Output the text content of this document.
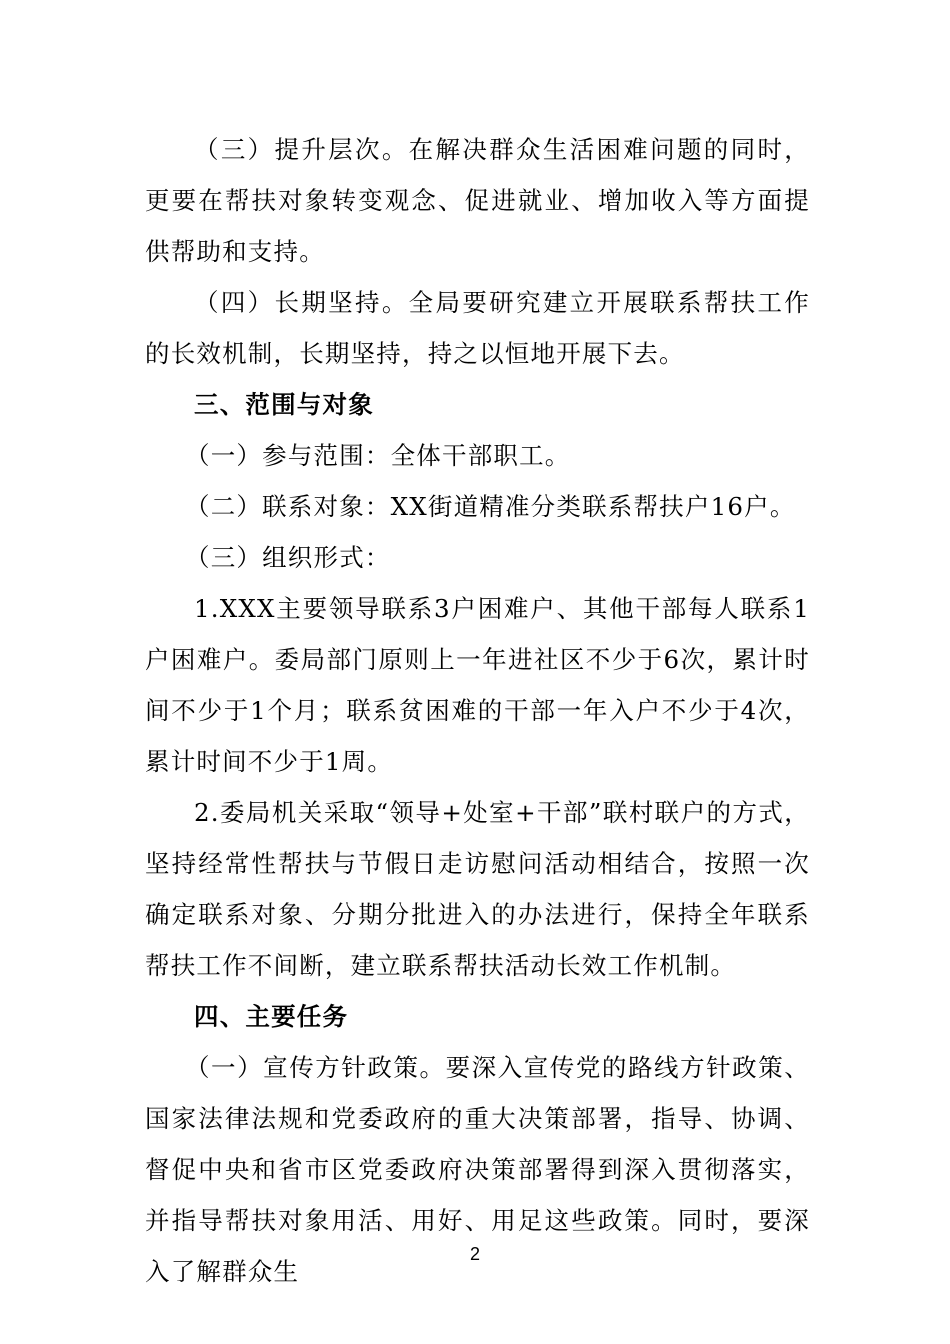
（三）提升层次。在解决群众生活困难问题的同时，更要在帮扶对象转变观念、促进就业、增加收入等方面提供帮助和支持。

（四）长期坚持。全局要研究建立开展联系帮扶工作的长效机制，长期坚持，持之以恒地开展下去。

三、范围与对象

（一）参与范围：全体干部职工。

（二）联系对象：XX街道精准分类联系帮扶户16户。

（三）组织形式：

1.XXX主要领导联系3户困难户、其他干部每人联系1户困难户。委局部门原则上一年进社区不少于6次，累计时间不少于1个月；联系贫困难的干部一年入户不少于4次，累计时间不少于1周。

2.委局机关采取“领导+处室+干部”联村联户的方式，坚持经常性帮扶与节假日走访慰问活动相结合，按照一次确定联系对象、分期分批进入的办法进行，保持全年联系帮扶工作不间断，建立联系帮扶活动长效工作机制。

四、主要任务

（一）宣传方针政策。要深入宣传党的路线方针政策、国家法律法规和党委政府的重大决策部署，指导、协调、督促中央和省市区党委政府决策部署得到深入贯彻落实，并指导帮扶对象用活、用好、用足这些政策。同时，要深入了解群众生

2
